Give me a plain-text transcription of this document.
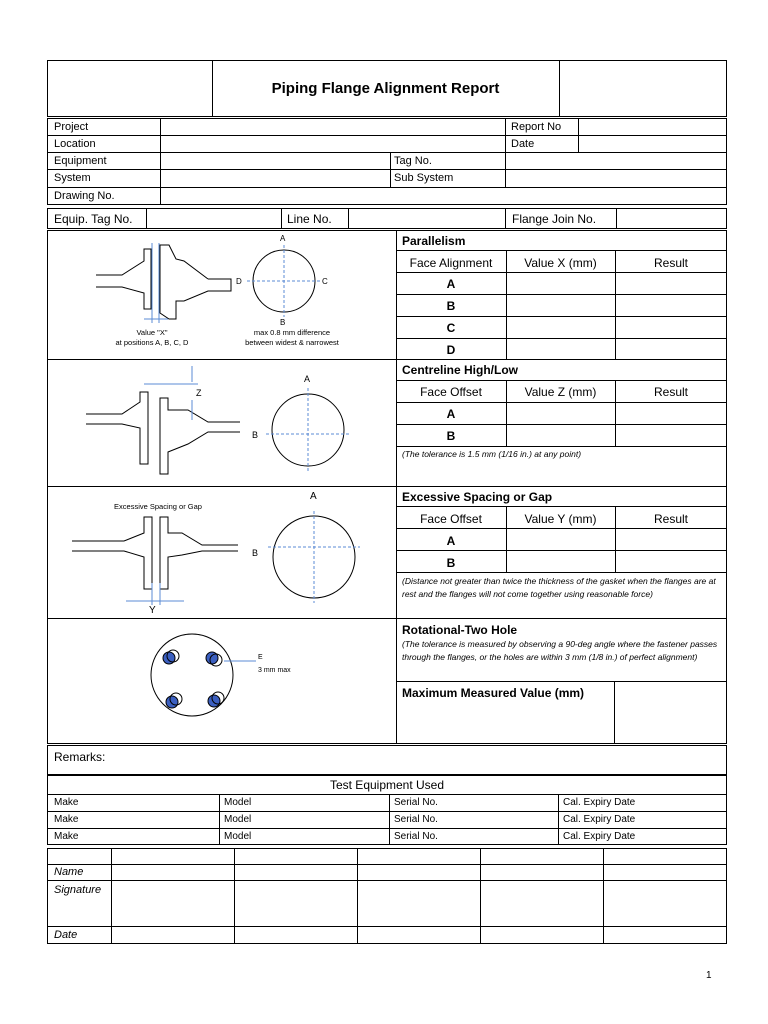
Piping Flange Alignment Report
Project
Location
Equipment
System
Drawing No.
Report No
Date
Tag No.
Sub System
Equip. Tag No.	Line No.	Flange Join No.
Parallelism
Face Alignment	Value X (mm)	Result
A
B
C
D
A
B
C
D
Value "X"
at positions A, B, C, D
max 0.8 mm difference
between widest & narrowest
Centreline High/Low
Face Offset	Value Z (mm)	Result
A
B
(The tolerance is 1.5 mm (1/16 in.) at any point)
Z
A
B
Excessive Spacing or Gap
Face Offset	Value Y (mm)	Result
A
B
(Distance not greater than twice the thickness of the gasket when the flanges are at rest and the flanges will not come together using reasonable force)
Excessive Spacing or Gap
Y
A
B
Rotational-Two Hole
(The tolerance is measured by observing a 90-deg angle where the fastener passes through the flanges, or the holes are within 3 mm (1/8 in.) of perfect alignment)
Maximum Measured Value (mm)
E
3 mm max
Remarks:
Test Equipment Used
Make	Model	Serial No.	Cal. Expiry Date
Make	Model	Serial No.	Cal. Expiry Date
Make	Model	Serial No.	Cal. Expiry Date
Name
Signature
Date
1
